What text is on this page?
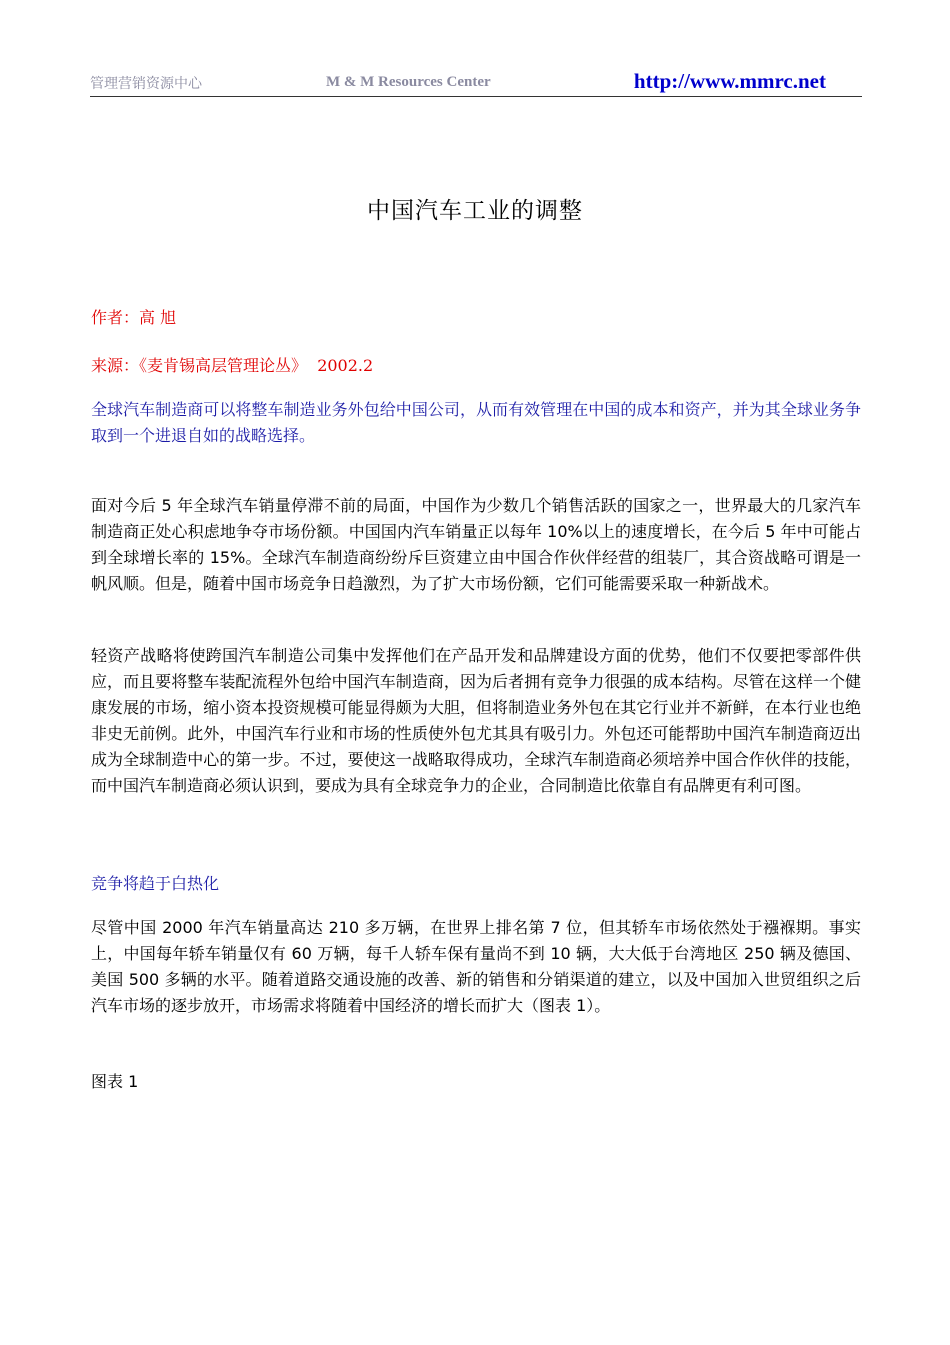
管理营销资源中心	M & M Resources Center	http://www.mmrc.net
中国汽车工业的调整
作者：高 旭
来源：《麦肯锡高层管理论丛》 2002.2
全球汽车制造商可以将整车制造业务外包给中国公司，从而有效管理在中国的成本和资产，并为其全球业务争取到一个进退自如的战略选择。
面对今后 5 年全球汽车销量停滞不前的局面，中国作为少数几个销售活跃的国家之一，世界最大的几家汽车制造商正处心积虑地争夺市场份额。中国国内汽车销量正以每年 10%以上的速度增长，在今后 5 年中可能占到全球增长率的 15%。全球汽车制造商纷纷斥巨资建立由中国合作伙伴经营的组装厂，其合资战略可谓是一帆风顺。但是，随着中国市场竞争日趋激烈，为了扩大市场份额，它们可能需要采取一种新战术。
轻资产战略将使跨国汽车制造公司集中发挥他们在产品开发和品牌建设方面的优势，他们不仅要把零部件供应，而且要将整车装配流程外包给中国汽车制造商，因为后者拥有竞争力很强的成本结构。尽管在这样一个健康发展的市场，缩小资本投资规模可能显得颇为大胆，但将制造业务外包在其它行业并不新鲜，在本行业也绝非史无前例。此外，中国汽车行业和市场的性质使外包尤其具有吸引力。外包还可能帮助中国汽车制造商迈出成为全球制造中心的第一步。不过，要使这一战略取得成功，全球汽车制造商必须培养中国合作伙伴的技能，而中国汽车制造商必须认识到，要成为具有全球竞争力的企业，合同制造比依靠自有品牌更有利可图。
竞争将趋于白热化
尽管中国 2000 年汽车销量高达 210 多万辆，在世界上排名第 7 位，但其轿车市场依然处于襁褓期。事实上，中国每年轿车销量仅有 60 万辆，每千人轿车保有量尚不到 10 辆，大大低于台湾地区 250 辆及德国、美国 500 多辆的水平。随着道路交通设施的改善、新的销售和分销渠道的建立，以及中国加入世贸组织之后汽车市场的逐步放开，市场需求将随着中国经济的增长而扩大（图表 1）。
图表 1
